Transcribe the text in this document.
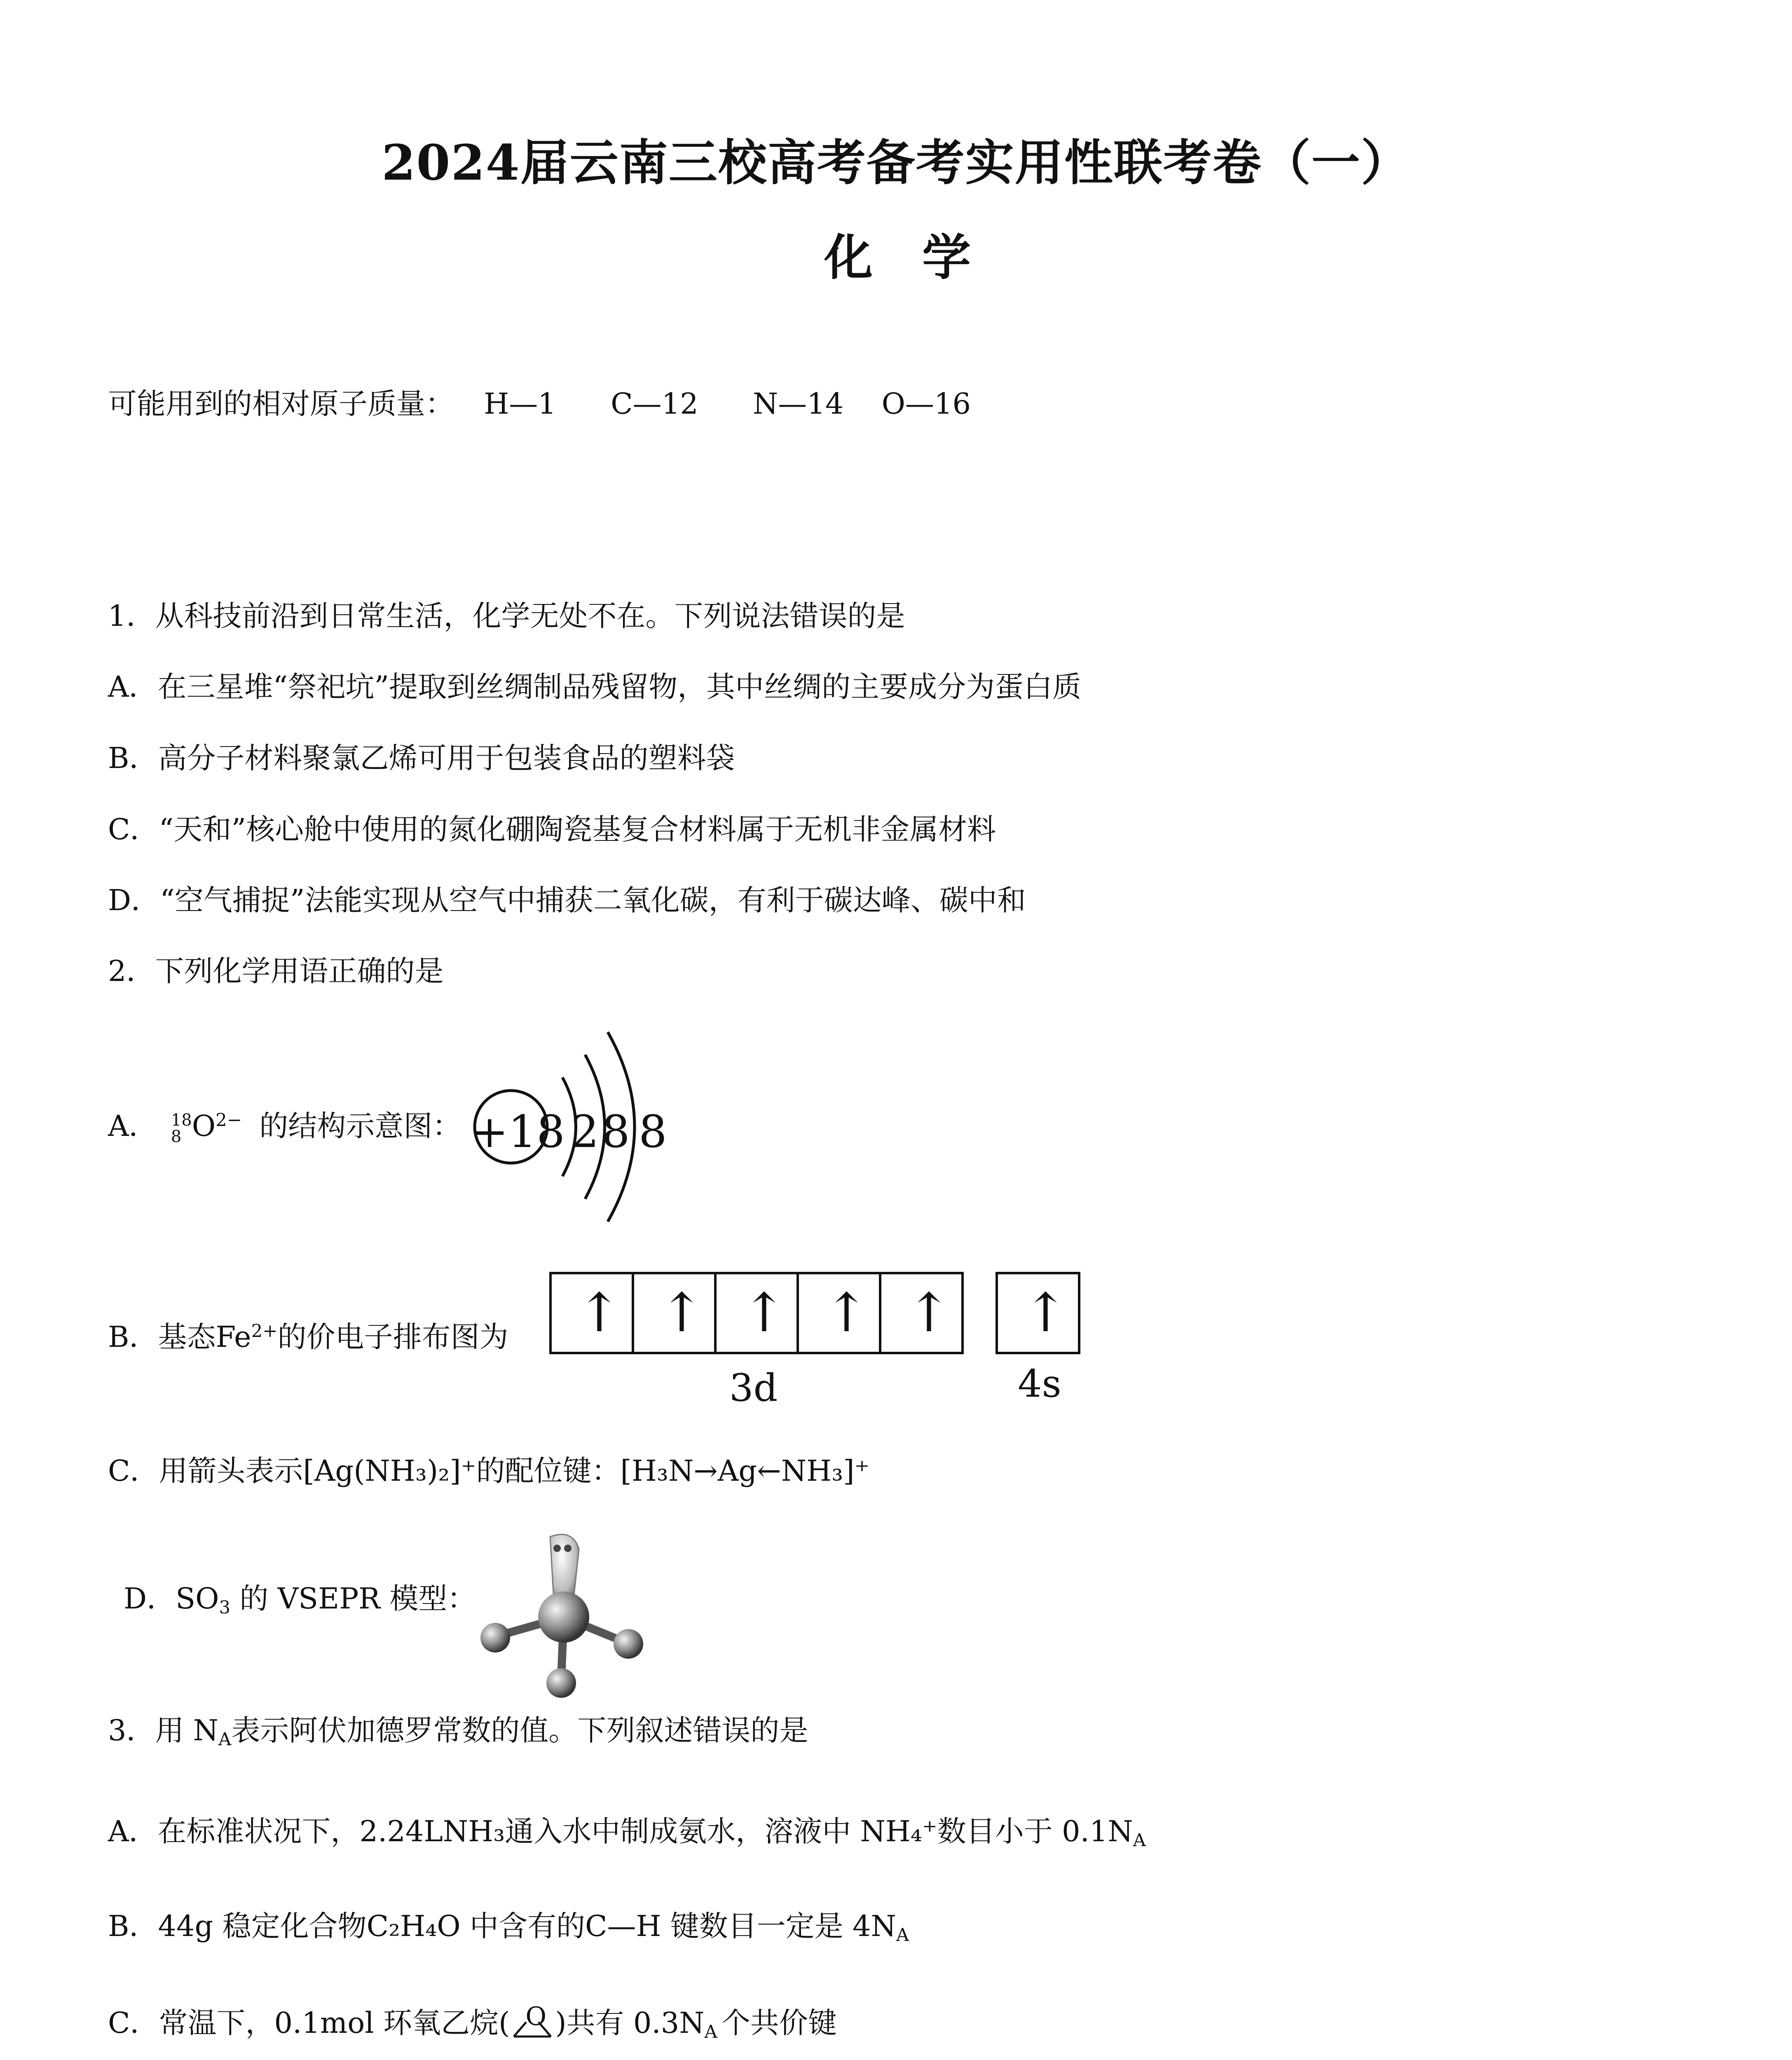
2024届云南三校高考备考实用性联考卷（一）
化学
可能用到的相对原子质量： H—1 C—12 N—14 O—16
1．从科技前沿到日常生活，化学无处不在。下列说法错误的是
A．在三星堆“祭祀坑”提取到丝绸制品残留物，其中丝绸的主要成分为蛋白质
B．高分子材料聚氯乙烯可用于包装食品的塑料袋
C．“天和”核心舱中使用的氮化硼陶瓷基复合材料属于无机非金属材料
D．“空气捕捉”法能实现从空气中捕获二氧化碳，有利于碳达峰、碳中和
2．下列化学用语正确的是
A． 18
8 $O^{2-}$ 的结构示意图： +18 2 8 8
B．基态$Fe^{2+}$的价电子排布图为 ↑ ↑ ↑ ↑ ↑ ↑
3d	4s
C．用箭头表示[Ag(NH₃)₂]⁺的配位键：[H₃N→Ag←NH₃]⁺
D．$SO_3$ 的 VSEPR 模型：
3．用 $N_A$表示阿伏加德罗常数的值。下列叙述错误的是
A．在标准状况下，2.24LNH₃通入水中制成氨水，溶液中 NH₄⁺数目小于 $0.1N_A$
B．44g 稳定化合物C₂H₄O 中含有的C—H 键数目一定是 $4N_A$
C．常温下，0.1mol 环氧乙烷( O )共有 $0.3N_A$ 个共价键
